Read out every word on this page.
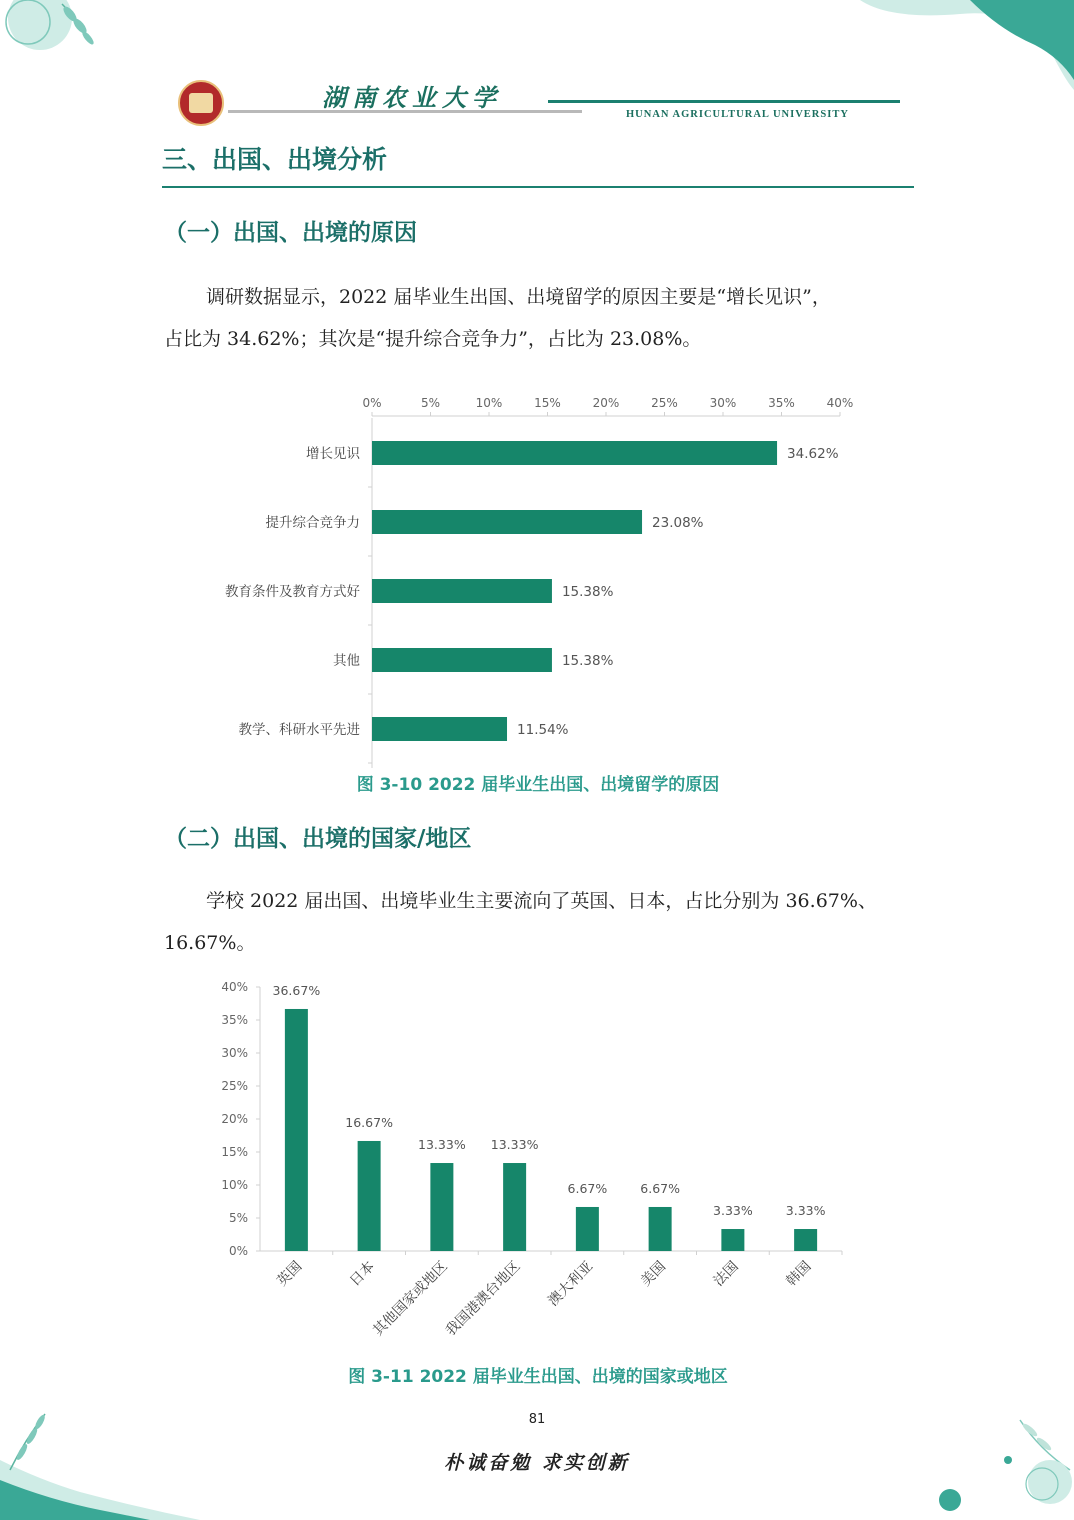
湖南农业大学
HUNAN AGRICULTURAL UNIVERSITY
三、出国、出境分析
（一）出国、出境的原因
调研数据显示，2022 届毕业生出国、出境留学的原因主要是“增长见识”，
占比为 34.62%；其次是“提升综合竞争力”，占比为 23.08%。
0%	5%	10%	15%	20%	25%	30%	35%	40%
增长见识	34.62%
提升综合竞争力	23.08%
教育条件及教育方式好	15.38%
其他	15.38%
教学、科研水平先进	11.54%
图 3-10 2022 届毕业生出国、出境留学的原因
（二）出国、出境的国家/地区
学校 2022 届出国、出境毕业生主要流向了英国、日本，占比分别为 36.67%、
16.67%。
0%
5%
10%
15%
20%
25%
30%
35%
40% 36.67%
英国
16.67%
日本
13.33%
其他国家或地区
13.33%
我国港澳台地区
6.67%
澳大利亚
6.67%
美国
3.33%
法国
3.33%
韩国
图 3-11 2022 届毕业生出国、出境的国家或地区
81
朴诚奋勉 求实创新
